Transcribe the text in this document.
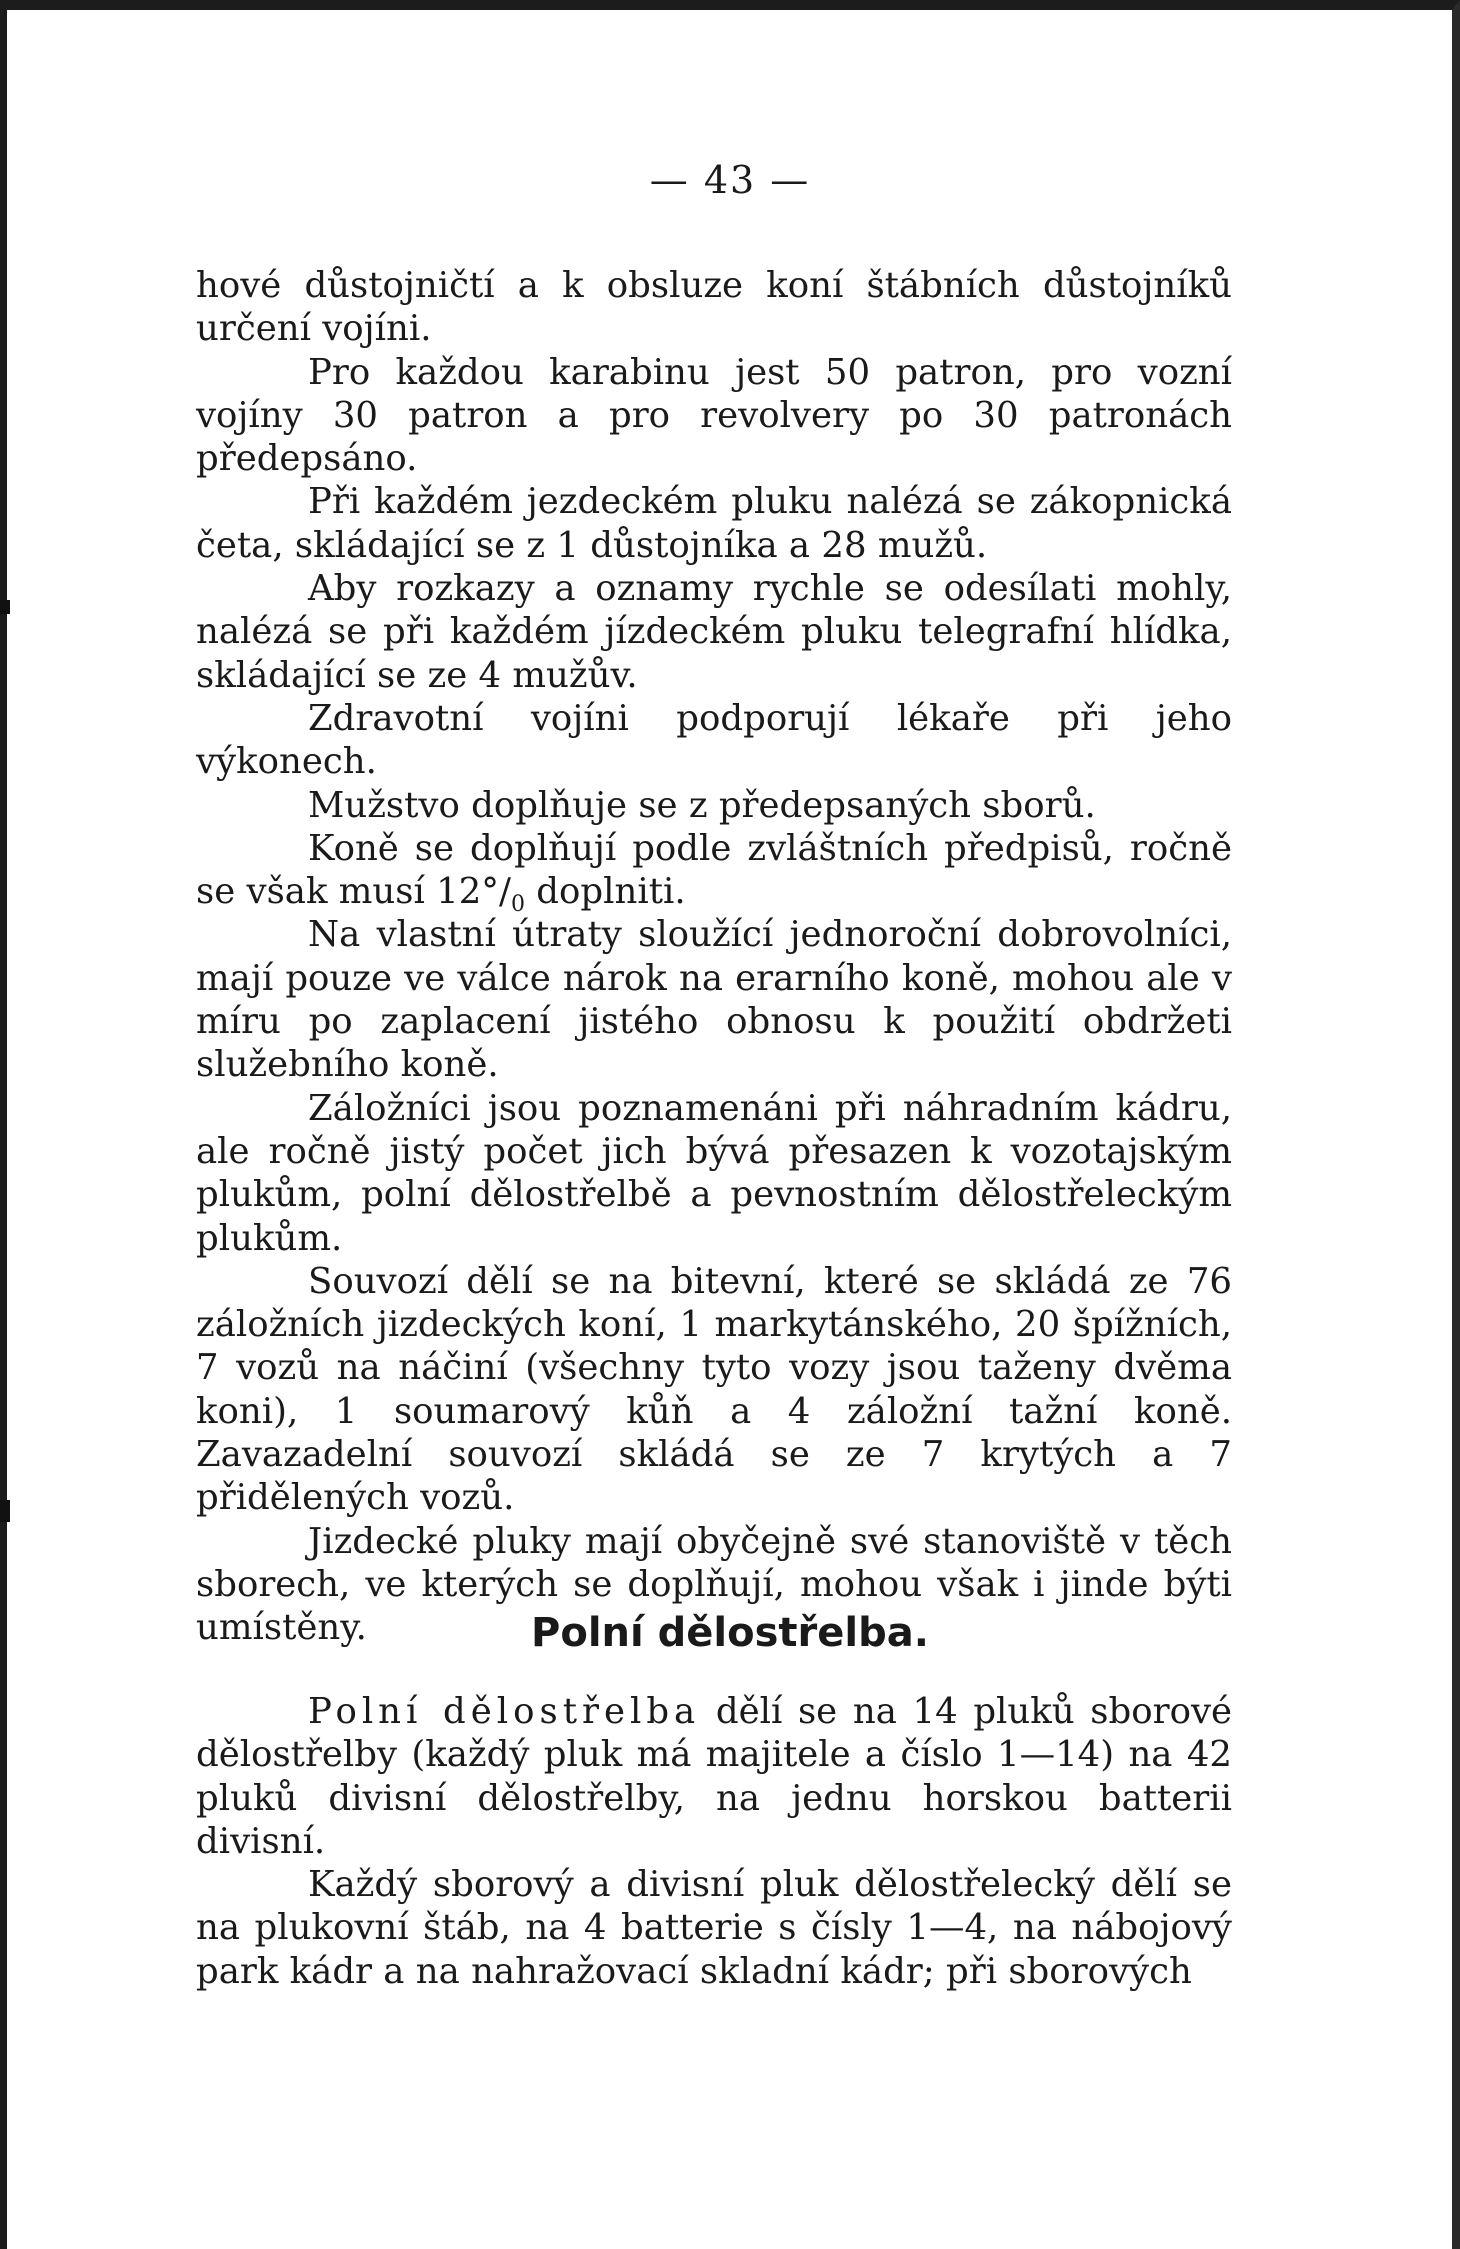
— 43 —

hové důstojničtí a k obsluze koní štábních důstojníků určení vojíni.

Pro každou karabinu jest 50 patron, pro vozní vojíny 30 patron a pro revolvery po 30 patronách předepsáno.

Při každém jezdeckém pluku nalézá se zákopnická četa, skládající se z 1 důstojníka a 28 mužů.

Aby rozkazy a oznamy rychle se odesílati mohly, nalézá se při každém jízdeckém pluku telegrafní hlídka, skládající se ze 4 mužův.

Zdravotní vojíni podporují lékaře při jeho výkonech.

Mužstvo doplňuje se z předepsaných sborů.

Koně se doplňují podle zvláštních předpisů, ročně se však musí $12^\circ/_0$ doplniti.

Na vlastní útraty sloužící jednoroční dobrovolníci, mají pouze ve válce nárok na erarního koně, mohou ale v míru po zaplacení jistého obnosu k použití obdržeti služebního koně.

Záložníci jsou poznamenáni při náhradním kádru, ale ročně jistý počet jich bývá přesazen k vozotajským plukům, polní dělostřelbě a pevnostním dělostřeleckým plukům.

Souvozí dělí se na bitevní, které se skládá ze 76 záložních jizdeckých koní, 1 markytánského, 20 špížních, 7 vozů na náčiní (všechny tyto vozy jsou taženy dvěma koni), 1 soumarový kůň a 4 záložní tažní koně. Zavazadelní souvozí skládá se ze 7 krytých a 7 přidělených vozů.

Jizdecké pluky mají obyčejně své stanoviště v těch sborech, ve kterých se doplňují, mohou však i jinde býti umístěny.	Polní dělostřelba.

Polní dělostřelba dělí se na 14 pluků sborové dělostřelby (každý pluk má majitele a číslo 1—14) na 42 pluků divisní dělostřelby, na jednu horskou batterii divisní.

Každý sborový a divisní pluk dělostřelecký dělí se na plukovní štáb, na 4 batterie s čísly 1—4, na nábojový park kádr a na nahražovací skladní kádr; při sborových
